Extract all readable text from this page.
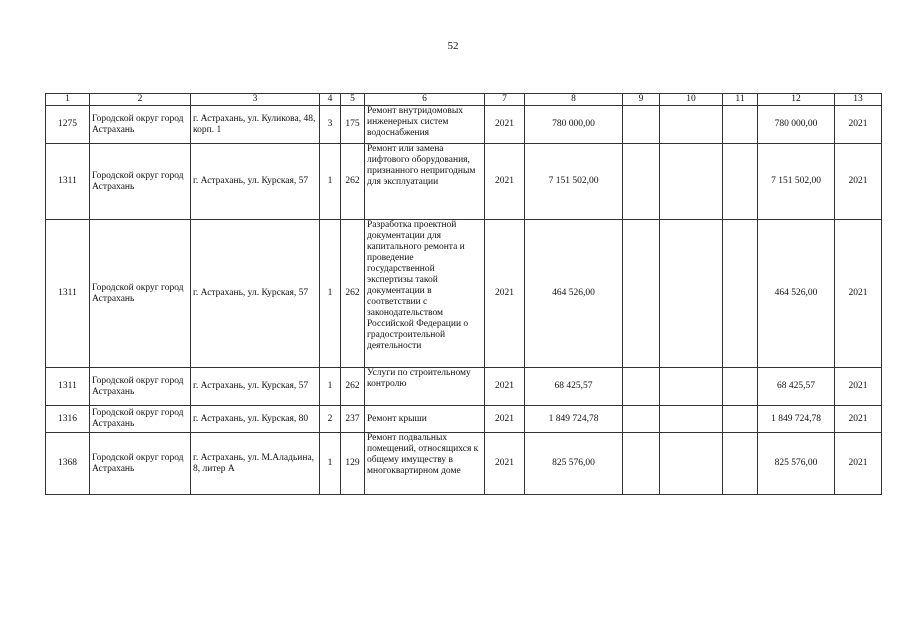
52
1	2	3	4	5	6	7	8	9	10	11	12	13
1275	Городской округ город Астрахань	г. Астрахань, ул. Куликова, 48, корп. 1	3	175	Ремонт внутридомовых инженерных систем водоснабжения	2021	780 000,00				780 000,00	2021
1311	Городской округ город Астрахань	г. Астрахань, ул. Курская, 57	1	262	Ремонт или замена лифтового оборудования, признанного непригодным для эксплуатации	2021	7 151 502,00				7 151 502,00	2021
1311	Городской округ город Астрахань	г. Астрахань, ул. Курская, 57	1	262	Разработка проектной документации для капитального ремонта и проведение государственной экспертизы такой документации в соответствии с законодательством Российской Федерации о градостроительной деятельности	2021	464 526,00				464 526,00	2021
1311	Городской округ город Астрахань	г. Астрахань, ул. Курская, 57	1	262	Услуги по строительному контролю	2021	68 425,57				68 425,57	2021
1316	Городской округ город Астрахань	г. Астрахань, ул. Курская, 80	2	237	Ремонт крыши	2021	1 849 724,78				1 849 724,78	2021
1368	Городской округ город Астрахань	г. Астрахань, ул. М.Аладьина, 8, литер А	1	129	Ремонт подвальных помещений, относящихся к общему имуществу в многоквартирном доме	2021	825 576,00				825 576,00	2021
